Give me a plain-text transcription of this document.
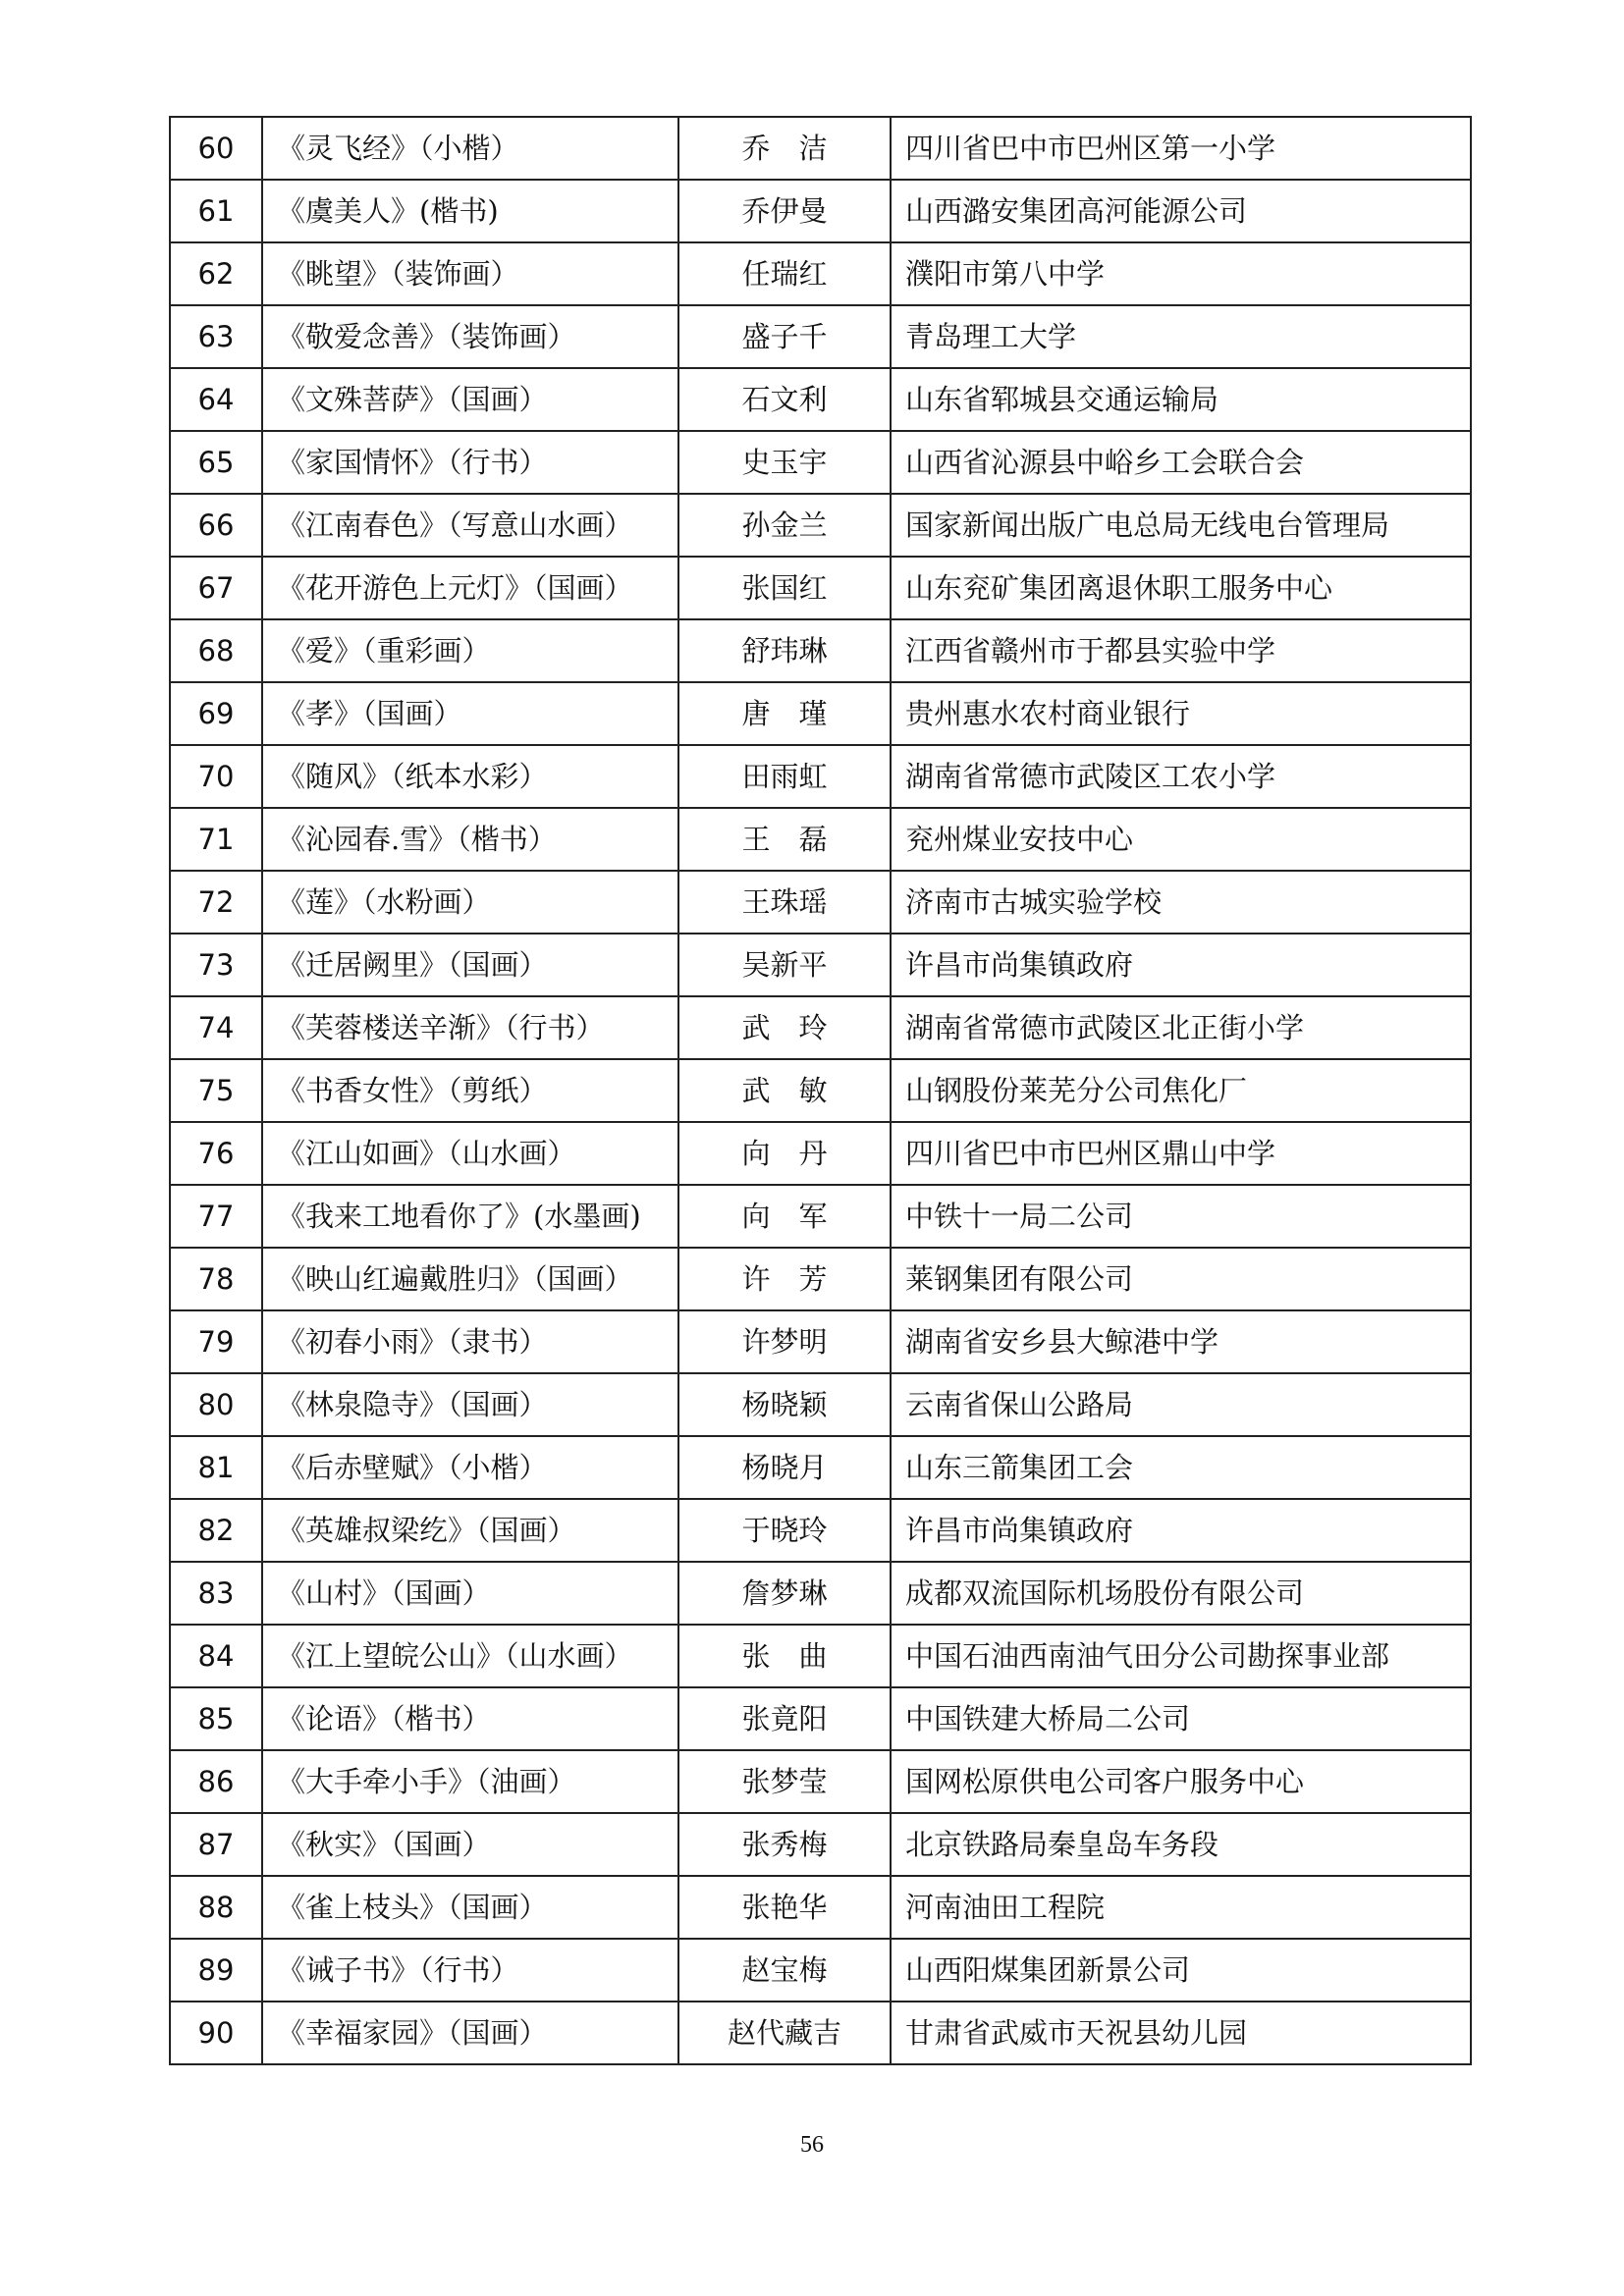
60	《灵飞经》（小楷）	乔　洁	四川省巴中市巴州区第一小学
61	《虞美人》(楷书)	乔伊曼	山西潞安集团高河能源公司
62	《眺望》（装饰画）	任瑞红	濮阳市第八中学
63	《敬爱念善》（装饰画）	盛子千	青岛理工大学
64	《文殊菩萨》（国画）	石文利	山东省郓城县交通运输局
65	《家国情怀》（行书）	史玉宇	山西省沁源县中峪乡工会联合会
66	《江南春色》（写意山水画）	孙金兰	国家新闻出版广电总局无线电台管理局
67	《花开游色上元灯》（国画）	张国红	山东兖矿集团离退休职工服务中心
68	《爱》（重彩画）	舒玮琳	江西省赣州市于都县实验中学
69	《孝》（国画）	唐　瑾	贵州惠水农村商业银行
70	《随风》（纸本水彩）	田雨虹	湖南省常德市武陵区工农小学
71	《沁园春.雪》（楷书）	王　磊	兖州煤业安技中心
72	《莲》（水粉画）	王珠瑶	济南市古城实验学校
73	《迁居阙里》（国画）	吴新平	许昌市尚集镇政府
74	《芙蓉楼送辛渐》（行书）	武　玲	湖南省常德市武陵区北正街小学
75	《书香女性》（剪纸）	武　敏	山钢股份莱芜分公司焦化厂
76	《江山如画》（山水画）	向　丹	四川省巴中市巴州区鼎山中学
77	《我来工地看你了》(水墨画)	向　军	中铁十一局二公司
78	《映山红遍戴胜归》（国画）	许　芳	莱钢集团有限公司
79	《初春小雨》（隶书）	许梦明	湖南省安乡县大鲸港中学
80	《林泉隐寺》（国画）	杨晓颖	云南省保山公路局
81	《后赤壁赋》（小楷）	杨晓月	山东三箭集团工会
82	《英雄叔梁纥》（国画）	于晓玲	许昌市尚集镇政府
83	《山村》（国画）	詹梦琳	成都双流国际机场股份有限公司
84	《江上望皖公山》（山水画）	张　曲	中国石油西南油气田分公司勘探事业部
85	《论语》（楷书）	张竟阳	中国铁建大桥局二公司
86	《大手牵小手》（油画）	张梦莹	国网松原供电公司客户服务中心
87	《秋实》（国画）	张秀梅	北京铁路局秦皇岛车务段
88	《雀上枝头》（国画）	张艳华	河南油田工程院
89	《诫子书》（行书）	赵宝梅	山西阳煤集团新景公司
90	《幸福家园》（国画）	赵代藏吉	甘肃省武威市天祝县幼儿园
56
